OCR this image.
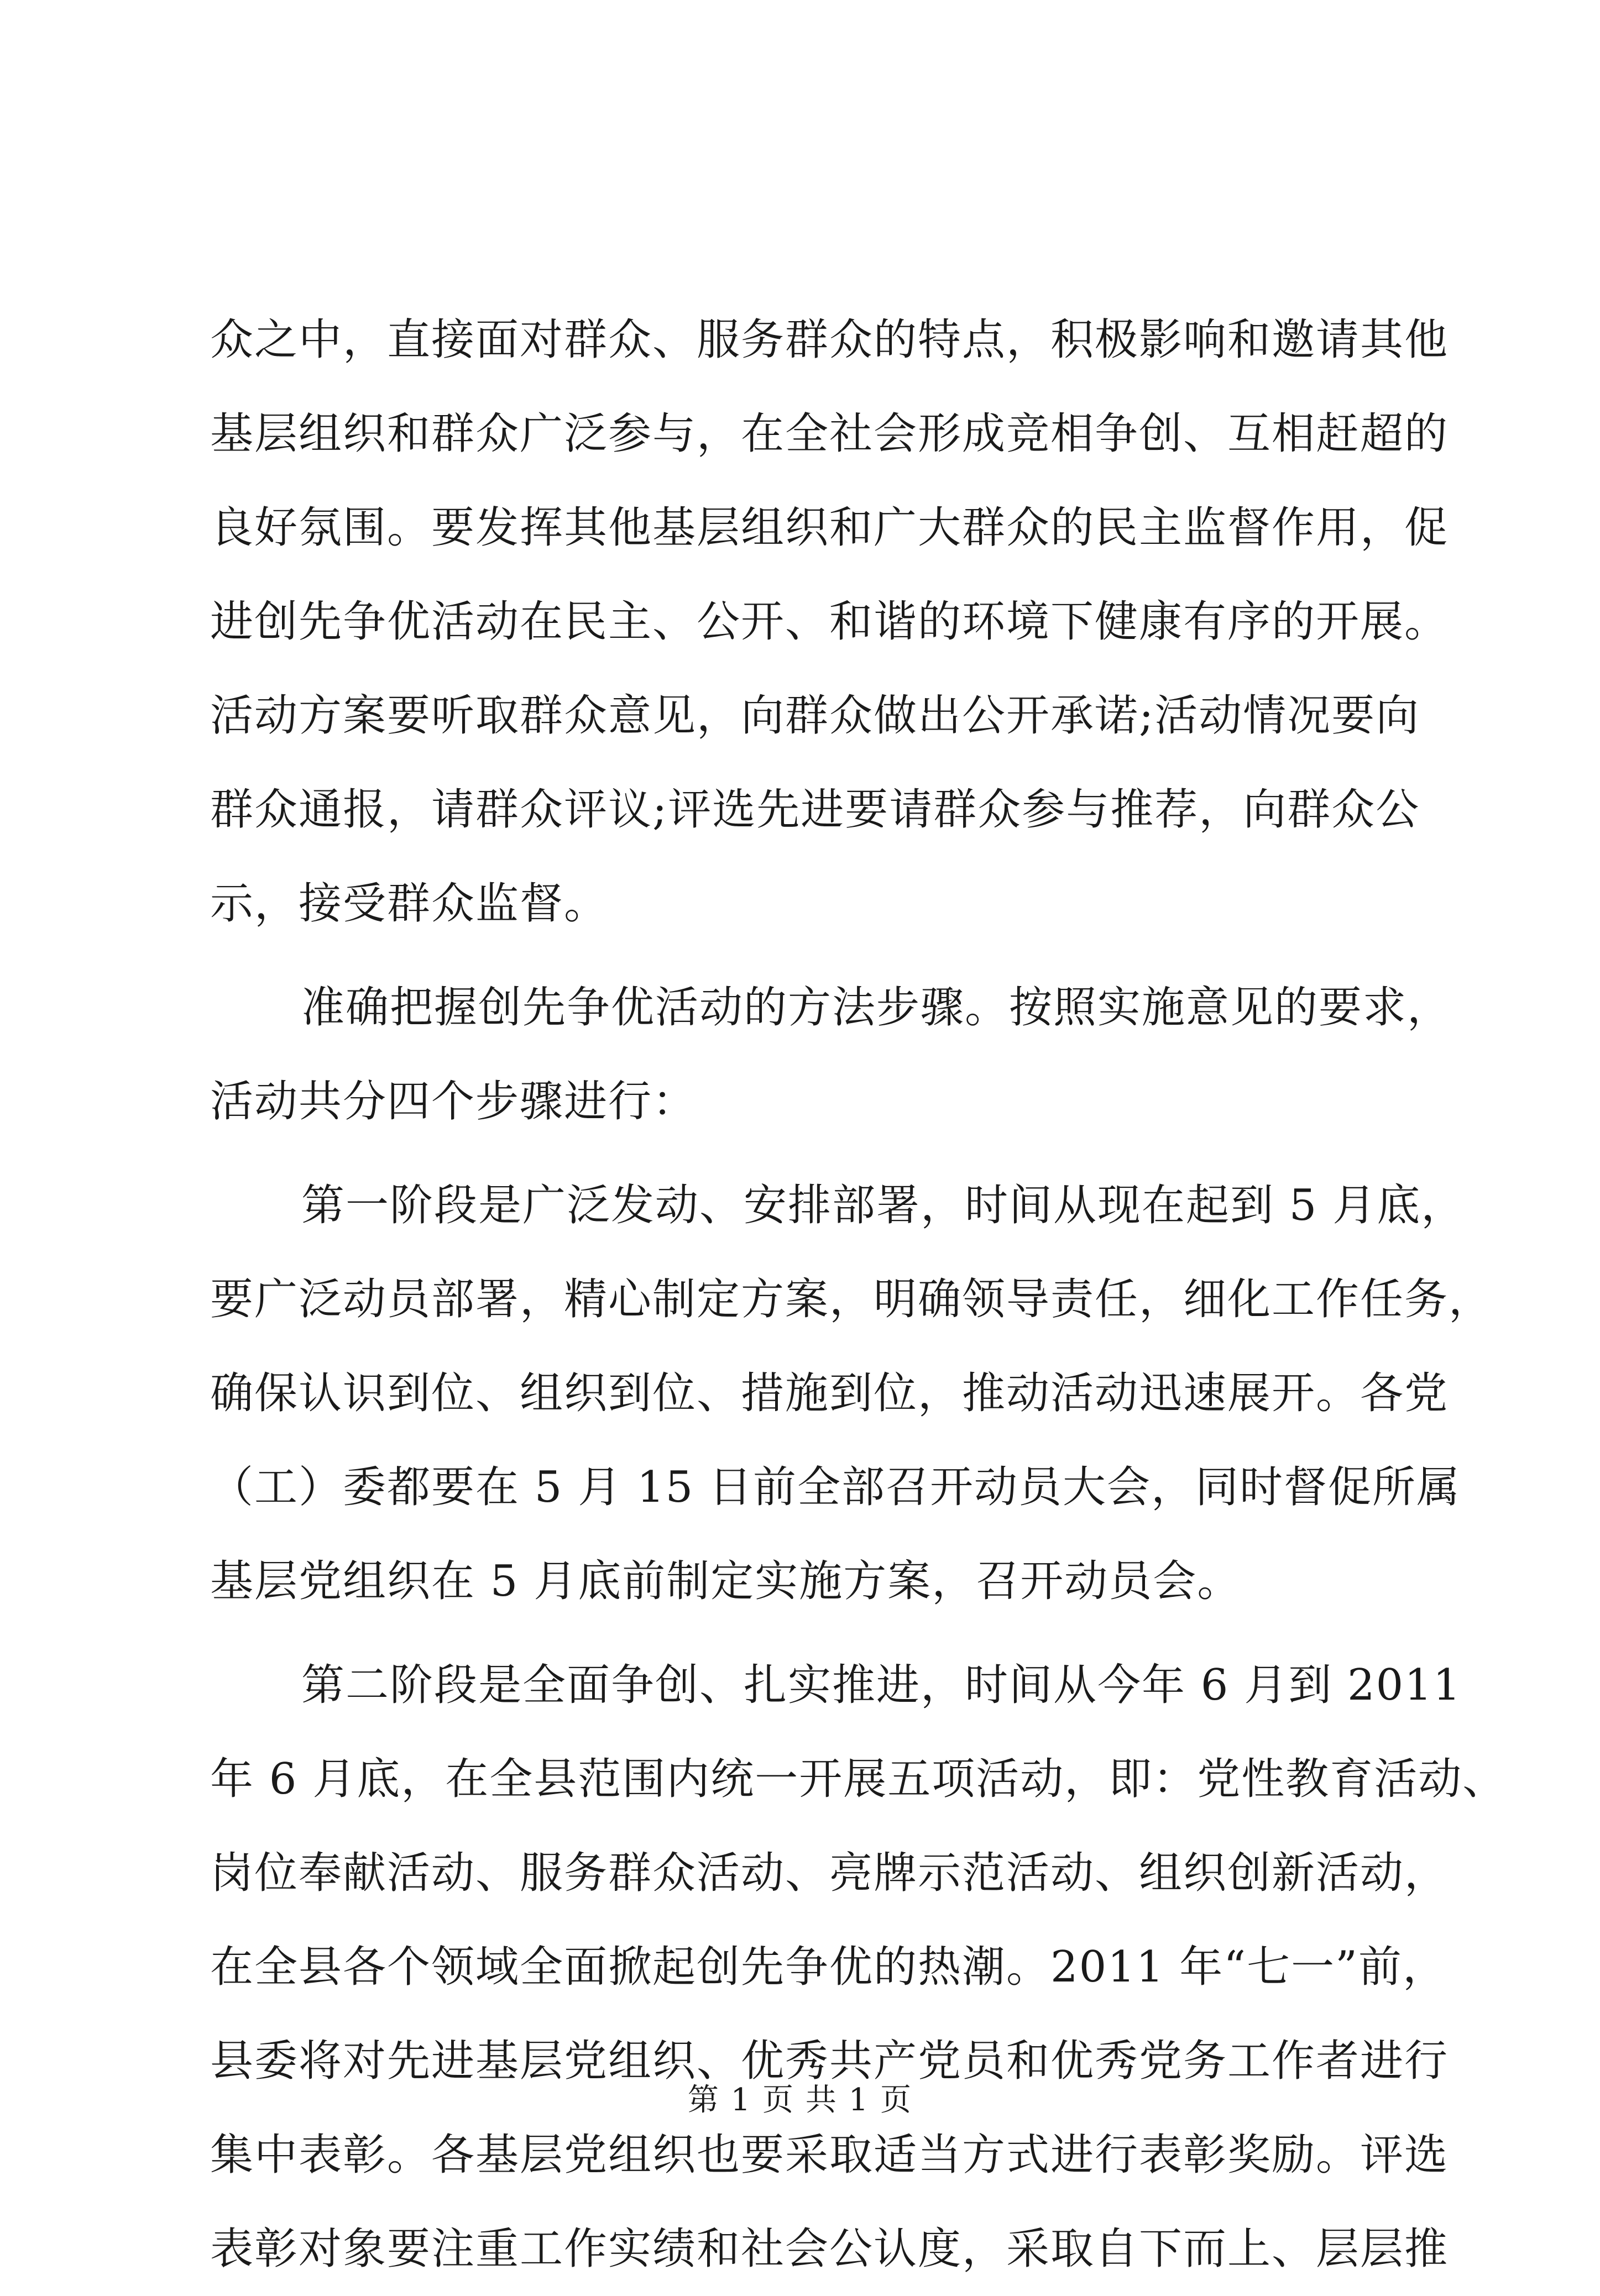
众之中，直接面对群众、服务群众的特点，积极影响和邀请其他
基层组织和群众广泛参与，在全社会形成竞相争创、互相赶超的
良好氛围。要发挥其他基层组织和广大群众的民主监督作用，促
进创先争优活动在民主、公开、和谐的环境下健康有序的开展。
活动方案要听取群众意见，向群众做出公开承诺;活动情况要向
群众通报，请群众评议;评选先进要请群众参与推荐，向群众公
示，接受群众监督。
准确把握创先争优活动的方法步骤。按照实施意见的要求，
活动共分四个步骤进行：
第一阶段是广泛发动、安排部署，时间从现在起到 5 月底，
要广泛动员部署，精心制定方案，明确领导责任，细化工作任务，
确保认识到位、组织到位、措施到位，推动活动迅速展开。各党
（工）委都要在 5 月 15 日前全部召开动员大会，同时督促所属
基层党组织在 5 月底前制定实施方案，召开动员会。
第二阶段是全面争创、扎实推进，时间从今年 6 月到 2011
年 6 月底，在全县范围内统一开展五项活动，即：党性教育活动、
岗位奉献活动、服务群众活动、亮牌示范活动、组织创新活动，
在全县各个领域全面掀起创先争优的热潮。2011 年“七一”前，
县委将对先进基层党组织、优秀共产党员和优秀党务工作者进行
集中表彰。各基层党组织也要采取适当方式进行表彰奖励。评选
表彰对象要注重工作实绩和社会公认度，采取自下而上、层层推
第 1 页 共 1 页
